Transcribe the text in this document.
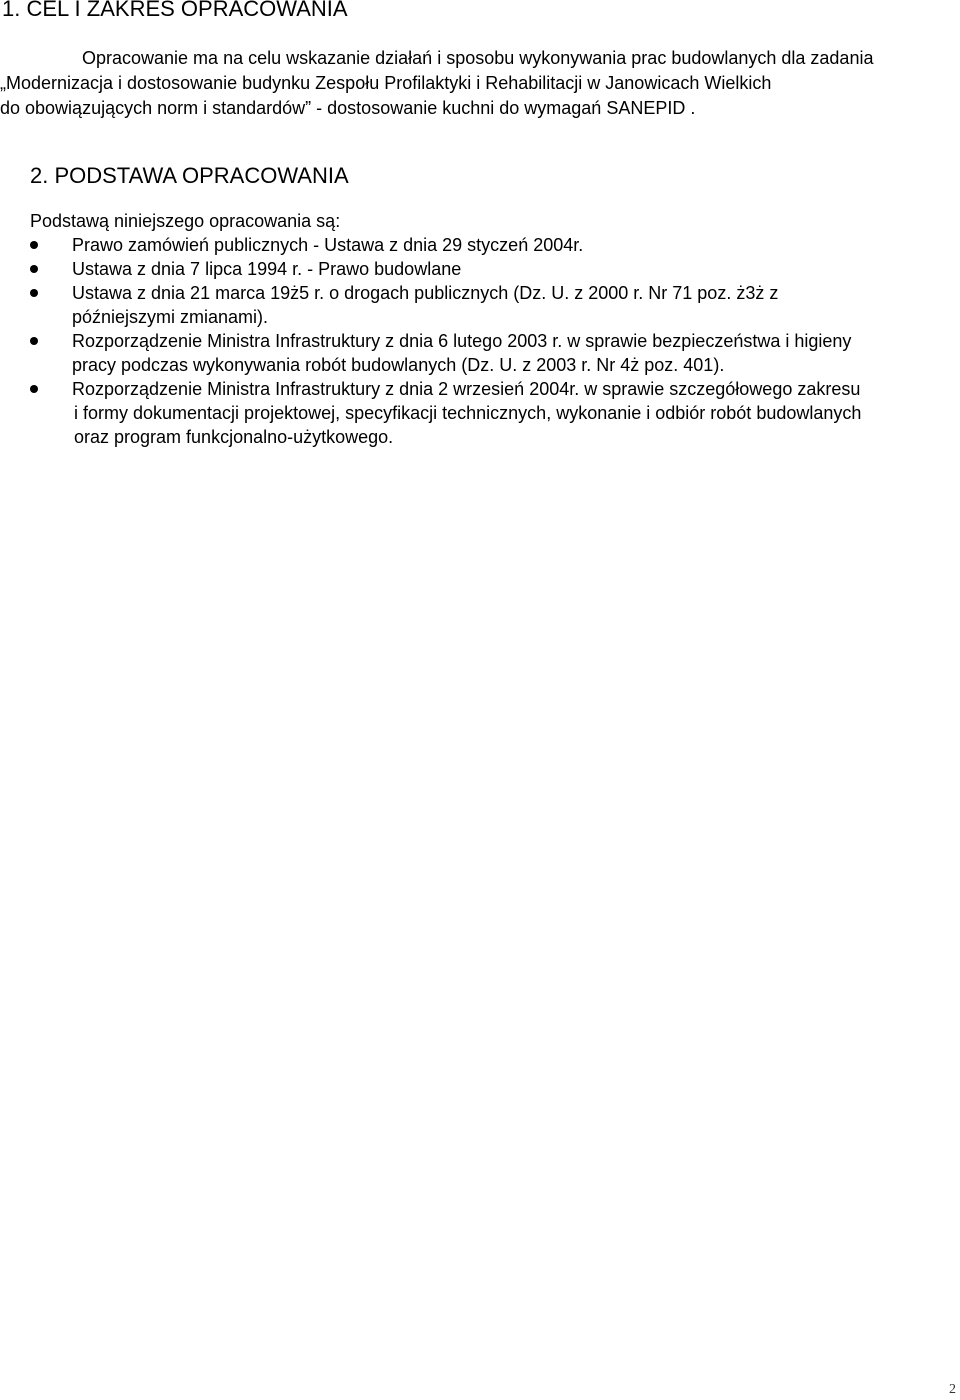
1. CEL I ZAKRES OPRACOWANIA
Opracowanie ma na celu wskazanie działań i sposobu wykonywania prac budowlanych dla zadania
„Modernizacja i dostosowanie budynku Zespołu Profilaktyki i Rehabilitacji w Janowicach Wielkich
do obowiązujących norm i standardów” - dostosowanie kuchni do wymagań SANEPID .
2. PODSTAWA OPRACOWANIA
Podstawą niniejszego opracowania są:
Prawo zamówień publicznych - Ustawa z dnia 29 styczeń 2004r.
Ustawa z dnia 7 lipca 1994 r. - Prawo budowlane
Ustawa z dnia 21 marca 19ż5 r. o drogach publicznych (Dz. U. z 2000 r. Nr 71 poz. ż3ż z
późniejszymi zmianami).
Rozporządzenie Ministra Infrastruktury z dnia 6 lutego 2003 r. w sprawie bezpieczeństwa i higieny
pracy podczas wykonywania robót budowlanych (Dz. U. z 2003 r. Nr 4ż poz. 401).
Rozporządzenie Ministra Infrastruktury z dnia 2 wrzesień 2004r. w sprawie szczegółowego zakresu
i formy dokumentacji projektowej, specyfikacji technicznych, wykonanie i odbiór robót budowlanych
oraz program funkcjonalno-użytkowego.
2
